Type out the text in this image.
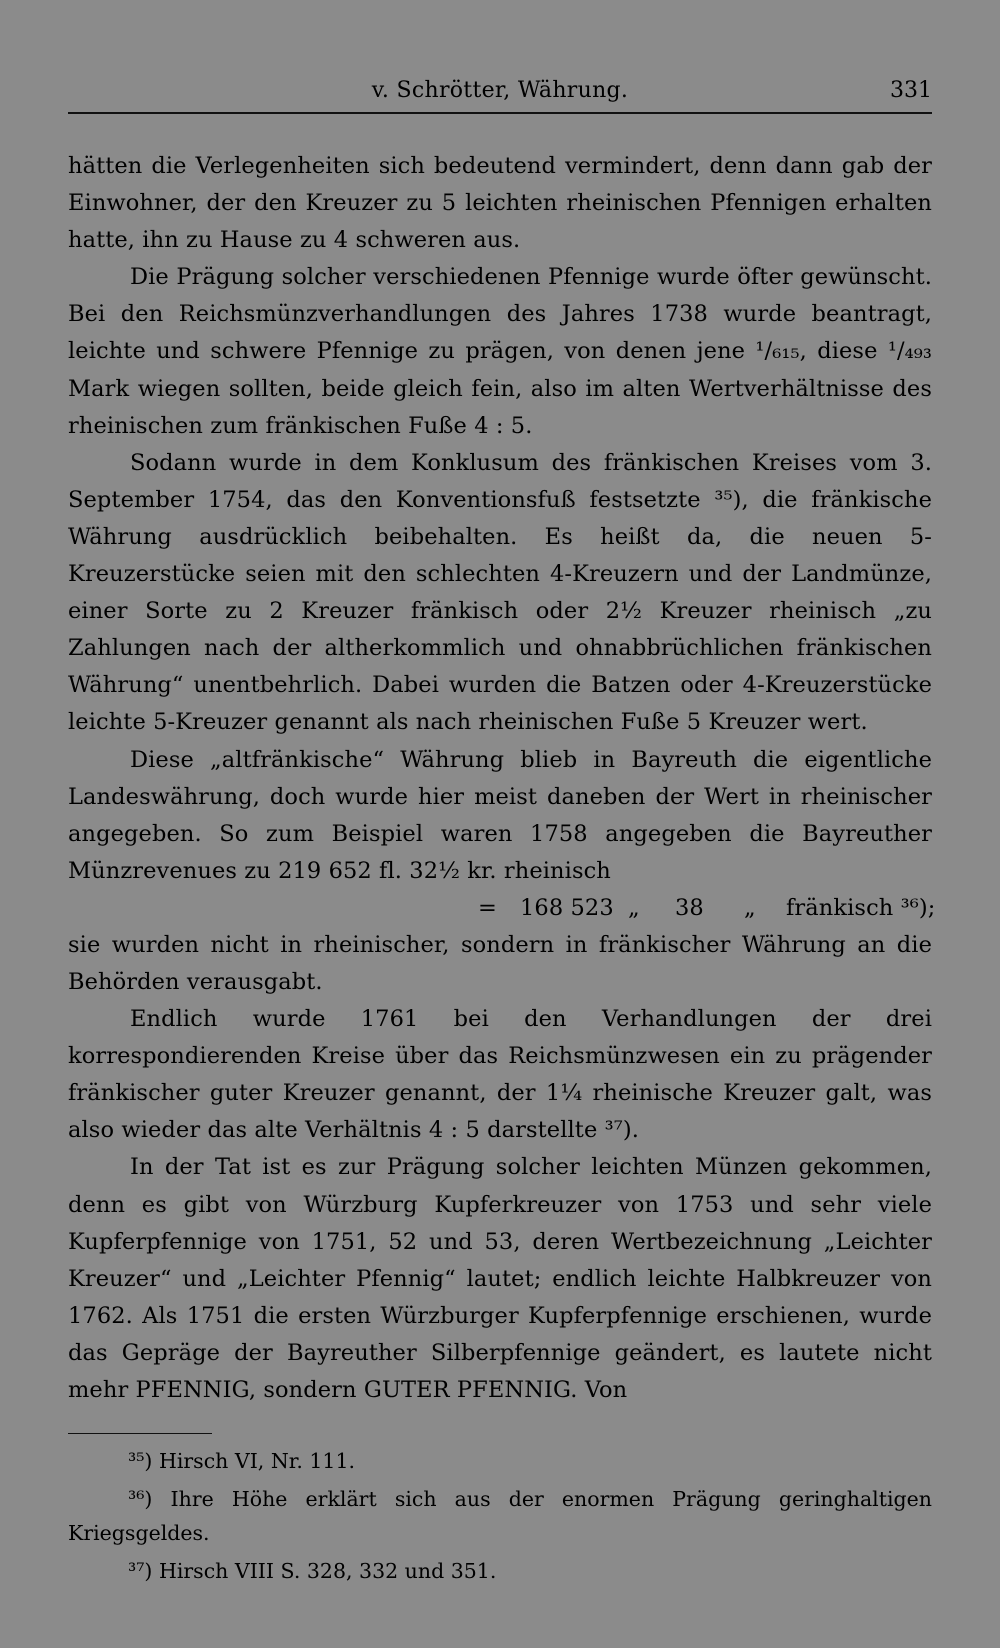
v. Schrötter, Währung.	331

hätten die Verlegenheiten sich bedeutend vermindert, denn dann gab der Einwohner, der den Kreuzer zu 5 leichten rheinischen Pfennigen erhalten hatte, ihn zu Hause zu 4 schweren aus.

Die Prägung solcher verschiedenen Pfennige wurde öfter gewünscht. Bei den Reichsmünzverhandlungen des Jahres 1738 wurde beantragt, leichte und schwere Pfennige zu prägen, von denen jene ¹/₆₁₅, diese ¹/₄₉₃ Mark wiegen sollten, beide gleich fein, also im alten Wertverhältnisse des rheinischen zum fränkischen Fuße 4 : 5.

Sodann wurde in dem Konklusum des fränkischen Kreises vom 3. September 1754, das den Konventionsfuß festsetzte ³⁵), die fränkische Währung ausdrücklich beibehalten. Es heißt da, die neuen 5-Kreuzerstücke seien mit den schlechten 4-Kreuzern und der Landmünze, einer Sorte zu 2 Kreuzer fränkisch oder 2½ Kreuzer rheinisch „zu Zahlungen nach der altherkommlich und ohnabbrüchlichen fränkischen Währung“ unentbehrlich. Dabei wurden die Batzen oder 4-Kreuzerstücke leichte 5-Kreuzer genannt als nach rheinischen Fuße 5 Kreuzer wert.

Diese „altfränkische“ Währung blieb in Bayreuth die eigentliche Landeswährung, doch wurde hier meist daneben der Wert in rheinischer angegeben. So zum Beispiel waren 1758 angegeben die Bayreuther Münzrevenues zu 219 652 fl. 32½ kr. rheinisch

= 168 523 „ 38 „ fränkisch ³⁶);

sie wurden nicht in rheinischer, sondern in fränkischer Währung an die Behörden verausgabt.

Endlich wurde 1761 bei den Verhandlungen der drei korrespondierenden Kreise über das Reichsmünzwesen ein zu prägender fränkischer guter Kreuzer genannt, der 1¼ rheinische Kreuzer galt, was also wieder das alte Verhältnis 4 : 5 darstellte ³⁷).

In der Tat ist es zur Prägung solcher leichten Münzen gekommen, denn es gibt von Würzburg Kupferkreuzer von 1753 und sehr viele Kupferpfennige von 1751, 52 und 53, deren Wertbezeichnung „Leichter Kreuzer“ und „Leichter Pfennig“ lautet; endlich leichte Halbkreuzer von 1762. Als 1751 die ersten Würzburger Kupferpfennige erschienen, wurde das Gepräge der Bayreuther Silberpfennige geändert, es lautete nicht mehr PFENNIG, sondern GUTER PFENNIG. Von

³⁵) Hirsch VI, Nr. 111.

³⁶) Ihre Höhe erklärt sich aus der enormen Prägung geringhaltigen Kriegsgeldes.

³⁷) Hirsch VIII S. 328, 332 und 351.
